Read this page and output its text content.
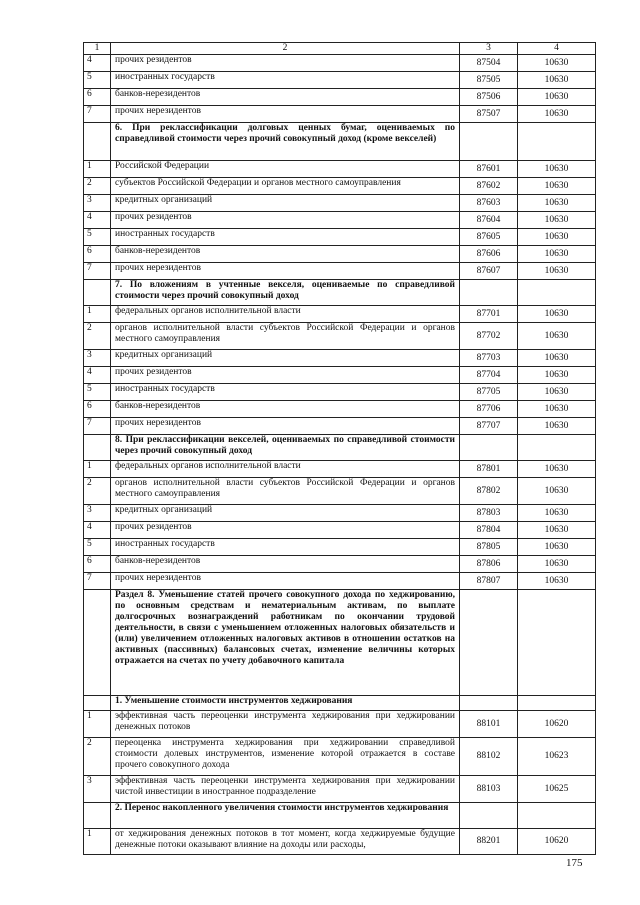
1	2	3	4
4	прочих резидентов	87504	10630
5	иностранных государств	87505	10630
6	банков-нерезидентов	87506	10630
7	прочих нерезидентов	87507	10630
	6. При реклассификации долговых ценных бумаг, оцениваемых по справедливой стоимости через прочий совокупный доход (кроме векселей)		
1	Российской Федерации	87601	10630
2	субъектов Российской Федерации и органов местного самоуправления	87602	10630
3	кредитных организаций	87603	10630
4	прочих резидентов	87604	10630
5	иностранных государств	87605	10630
6	банков-нерезидентов	87606	10630
7	прочих нерезидентов	87607	10630
	7. По вложениям в учтенные векселя, оцениваемые по справедливой стоимости через прочий совокупный доход		
1	федеральных органов исполнительной власти	87701	10630
2	органов исполнительной власти субъектов Российской Федерации и органов местного самоуправления	87702	10630
3	кредитных организаций	87703	10630
4	прочих резидентов	87704	10630
5	иностранных государств	87705	10630
6	банков-нерезидентов	87706	10630
7	прочих нерезидентов	87707	10630
	8. При реклассификации векселей, оцениваемых по справедливой стоимости через прочий совокупный доход		
1	федеральных органов исполнительной власти	87801	10630
2	органов исполнительной власти субъектов Российской Федерации и органов местного самоуправления	87802	10630
3	кредитных организаций	87803	10630
4	прочих резидентов	87804	10630
5	иностранных государств	87805	10630
6	банков-нерезидентов	87806	10630
7	прочих нерезидентов	87807	10630
	Раздел 8. Уменьшение статей прочего совокупного дохода по хеджированию, по основным средствам и нематериальным активам, по выплате долгосрочных вознаграждений работникам по окончании трудовой деятельности, в связи с уменьшением отложенных налоговых обязательств и (или) увеличением отложенных налоговых активов в отношении остатков на активных (пассивных) балансовых счетах, изменение величины которых отражается на счетах по учету добавочного капитала		
	1. Уменьшение стоимости инструментов хеджирования		
1	эффективная часть переоценки инструмента хеджирования при хеджировании денежных потоков	88101	10620
2	переоценка инструмента хеджирования при хеджировании справедливой стоимости долевых инструментов, изменение которой отражается в составе прочего совокупного дохода	88102	10623
3	эффективная часть переоценки инструмента хеджирования при хеджировании чистой инвестиции в иностранное подразделение	88103	10625
	2. Перенос накопленного увеличения стоимости инструментов хеджирования		
1	от хеджирования денежных потоков в тот момент, когда хеджируемые будущие денежные потоки оказывают влияние на доходы или расходы,	88201	10620
175
